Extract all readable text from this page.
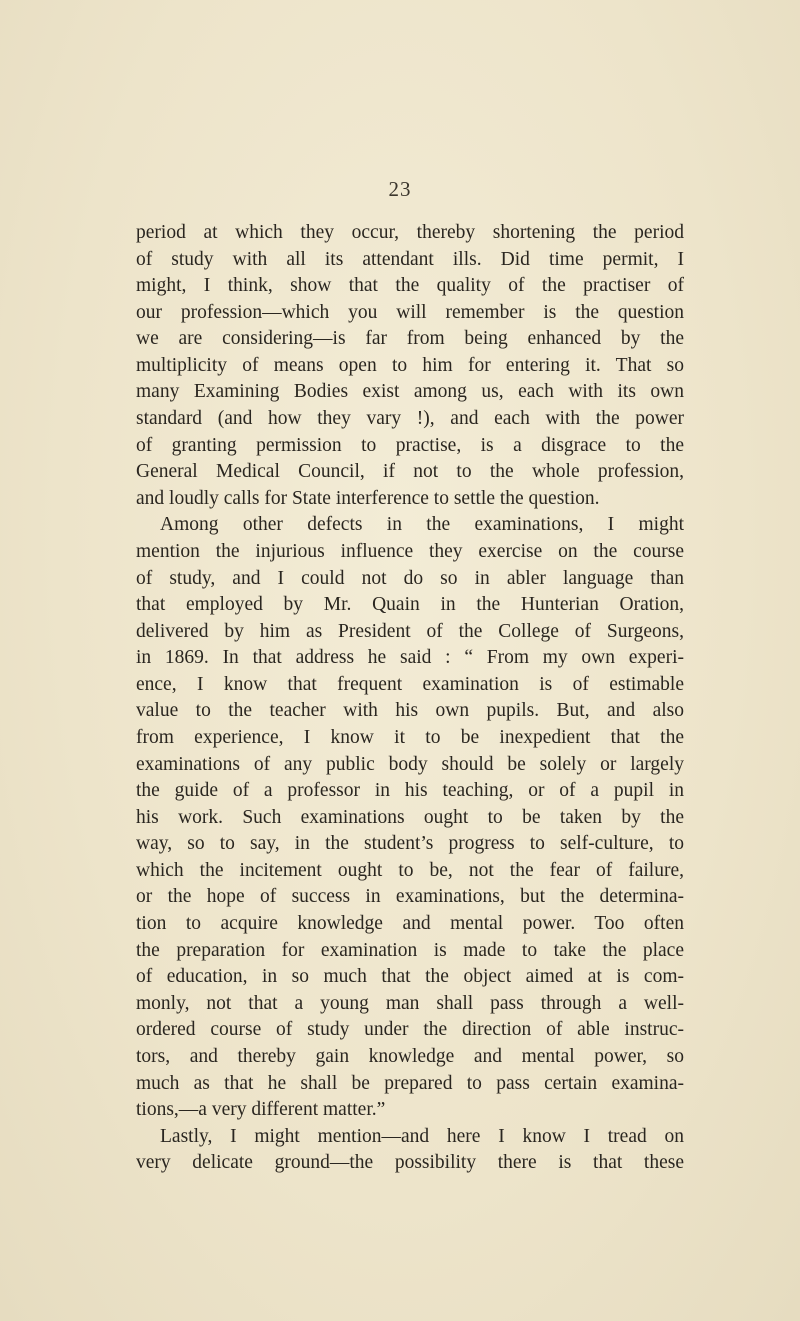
23
period at which they occur, thereby shortening the period
of study with all its attendant ills. Did time permit, I
might, I think, show that the quality of the practiser of
our profession—which you will remember is the question
we are considering—is far from being enhanced by the
multiplicity of means open to him for entering it. That so
many Examining Bodies exist among us, each with its own
standard (and how they vary !), and each with the power
of granting permission to practise, is a disgrace to the
General Medical Council, if not to the whole profession,
and loudly calls for State interference to settle the question.
Among other defects in the examinations, I might
mention the injurious influence they exercise on the course
of study, and I could not do so in abler language than
that employed by Mr. Quain in the Hunterian Oration,
delivered by him as President of the College of Surgeons,
in 1869. In that address he said : “ From my own experi-
ence, I know that frequent examination is of estimable
value to the teacher with his own pupils. But, and also
from experience, I know it to be inexpedient that the
examinations of any public body should be solely or largely
the guide of a professor in his teaching, or of a pupil in
his work. Such examinations ought to be taken by the
way, so to say, in the student’s progress to self-culture, to
which the incitement ought to be, not the fear of failure,
or the hope of success in examinations, but the determina-
tion to acquire knowledge and mental power. Too often
the preparation for examination is made to take the place
of education, in so much that the object aimed at is com-
monly, not that a young man shall pass through a well-
ordered course of study under the direction of able instruc-
tors, and thereby gain knowledge and mental power, so
much as that he shall be prepared to pass certain examina-
tions,—a very different matter.”
Lastly, I might mention—and here I know I tread on
very delicate ground—the possibility there is that these
